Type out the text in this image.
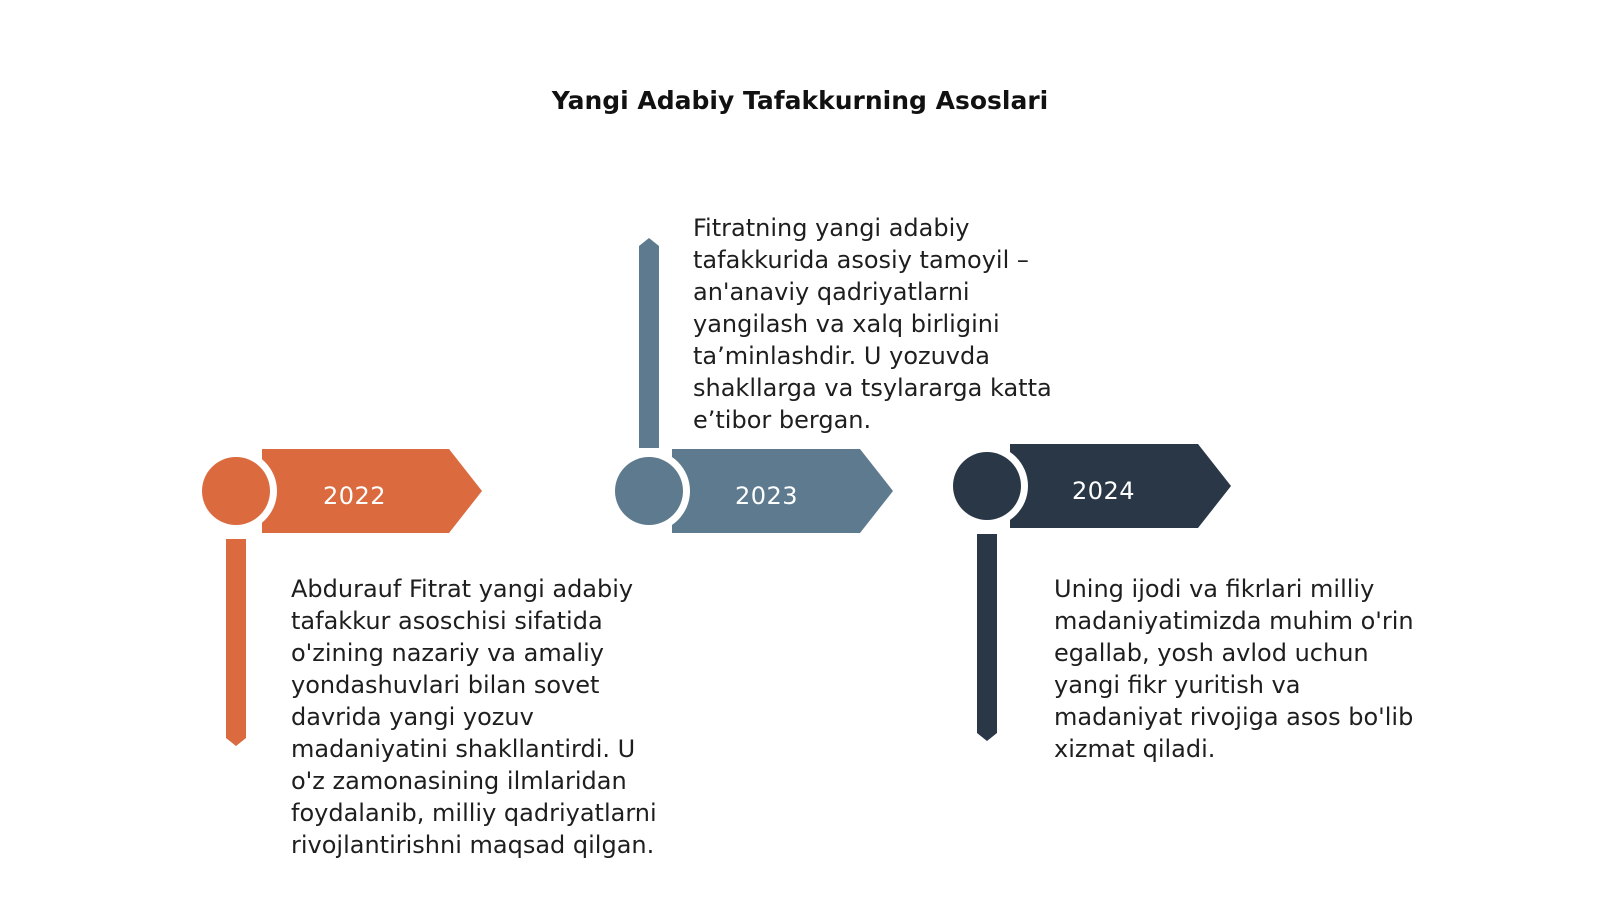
Yangi Adabiy Tafakkurning Asoslari
2022	2023	2024

Abdurauf Fitrat yangi adabiy tafakkur asoschisi sifatida o'zining nazariy va amaliy yondashuvlari bilan sovet davrida yangi yozuv madaniyatini shakllantirdi. U o'z zamonasining ilmlaridan foydalanib, milliy qadriyatlarni rivojlantirishni maqsad qilgan.

Fitratning yangi adabiy tafakkurida asosiy tamoyil – an'anaviy qadriyatlarni yangilash va xalq birligini ta’minlashdir. U yozuvda shakllarga va tsylararga katta e’tibor bergan.

Uning ijodi va fikrlari milliy madaniyatimizda muhim o'rin egallab, yosh avlod uchun yangi fikr yuritish va madaniyat rivojiga asos bo'lib xizmat qiladi.
